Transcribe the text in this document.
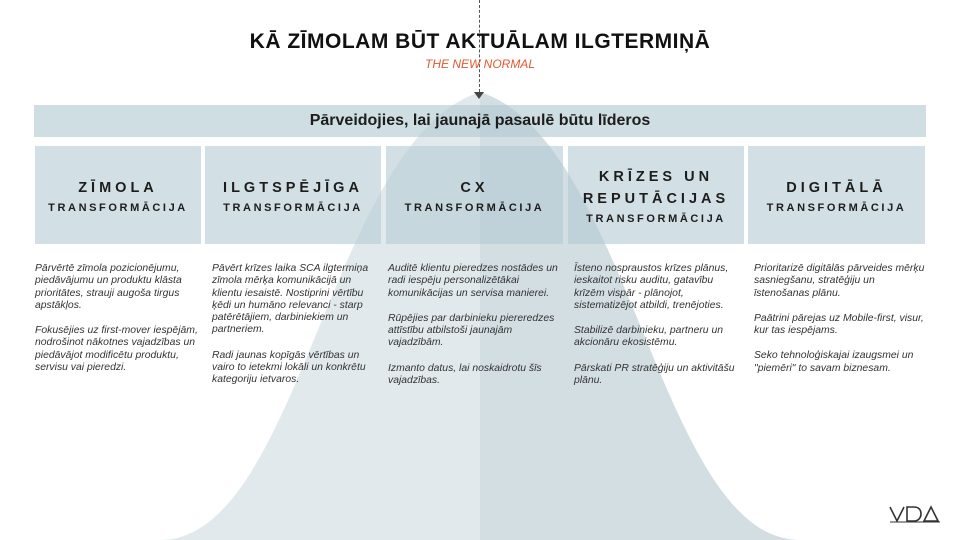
KĀ ZĪMOLAM BŪT AKTUĀLAM ILGTERMIŅĀ
THE NEW NORMAL
Pārveidojies, lai jaunajā pasaulē būtu līderos
ZĪMOLA
TRANSFORMĀCIJA
ILGTSPĒJĪGA
TRANSFORMĀCIJA
CX
TRANSFORMĀCIJA
KRĪZES UN
REPUTĀCIJAS
TRANSFORMĀCIJA
DIGITĀLĀ
TRANSFORMĀCIJA

Pārvērtē zīmola pozicionējumu, piedāvājumu un produktu klāsta prioritātes, strauji augoša tirgus apstākļos.

Fokusējies uz first-mover iespējām, nodrošinot nākotnes vajadzības un piedāvājot modificētu produktu, servisu vai pieredzi.

Pāvērt krīzes laika SCA ilgtermiņa zīmola mērķa komunikācijā un klientu iesaistē. Nostiprini vērtību ķēdi un humāno relevanci - starp patērētājiem, darbiniekiem un partneriem.

Radi jaunas kopīgās vērtības un vairo to ietekmi lokāli un konkrētu kategoriju ietvaros.

Auditē klientu pieredzes nostādes un radi iespēju personalizētākai komunikācijas un servisa manierei.

Rūpējies par darbinieku piereredzes attīstību atbilstoši jaunajām vajadzībām.

Izmanto datus, lai noskaidrotu šīs vajadzības.

Īsteno nospraustos krīzes plānus, ieskaitot risku auditu, gatavību krīzēm vispār - plānojot, sistematizējot atbildi, trenējoties.

Stabilizē darbinieku, partneru un akcionāru ekosistēmu.

Pārskati PR stratēģiju un aktivitāšu plānu.

Prioritarizē digitālās pārveides mērķu sasniegšanu, stratēģiju un īstenošanas plānu.

Paātrini pārejas uz Mobile-first, visur, kur tas iespējams.

Seko tehnoloģiskajai izaugsmei un "piemēri" to savam biznesam.
